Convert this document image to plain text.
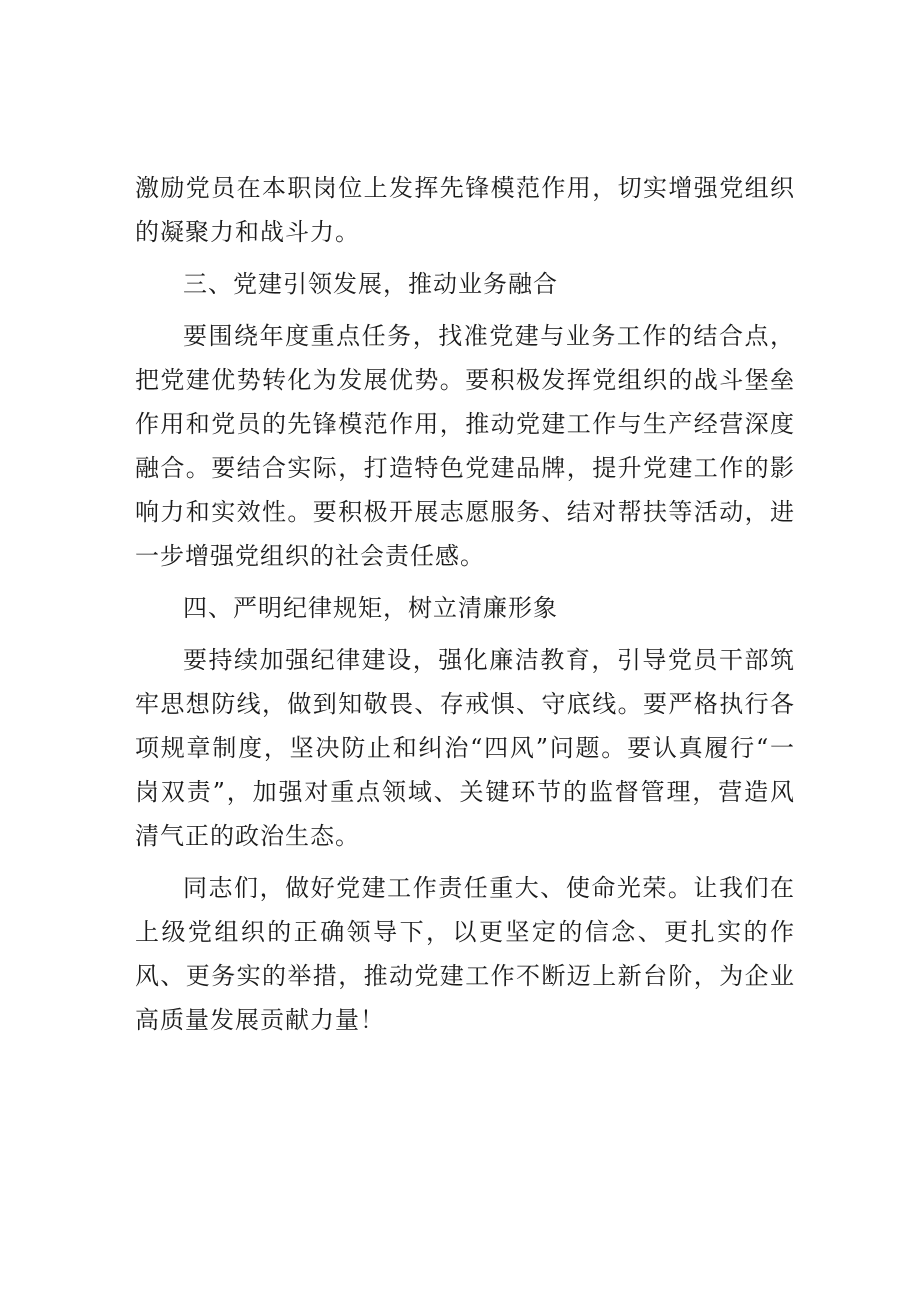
激励党员在本职岗位上发挥先锋模范作用，切实增强党组织的凝聚力和战斗力。

三、党建引领发展，推动业务融合

要围绕年度重点任务，找准党建与业务工作的结合点，把党建优势转化为发展优势。要积极发挥党组织的战斗堡垒作用和党员的先锋模范作用，推动党建工作与生产经营深度融合。要结合实际，打造特色党建品牌，提升党建工作的影响力和实效性。要积极开展志愿服务、结对帮扶等活动，进一步增强党组织的社会责任感。

四、严明纪律规矩，树立清廉形象

要持续加强纪律建设，强化廉洁教育，引导党员干部筑牢思想防线，做到知敬畏、存戒惧、守底线。要严格执行各项规章制度，坚决防止和纠治“四风”问题。要认真履行“一岗双责”，加强对重点领域、关键环节的监督管理，营造风清气正的政治生态。

同志们，做好党建工作责任重大、使命光荣。让我们在上级党组织的正确领导下，以更坚定的信念、更扎实的作风、更务实的举措，推动党建工作不断迈上新台阶，为企业高质量发展贡献力量！
